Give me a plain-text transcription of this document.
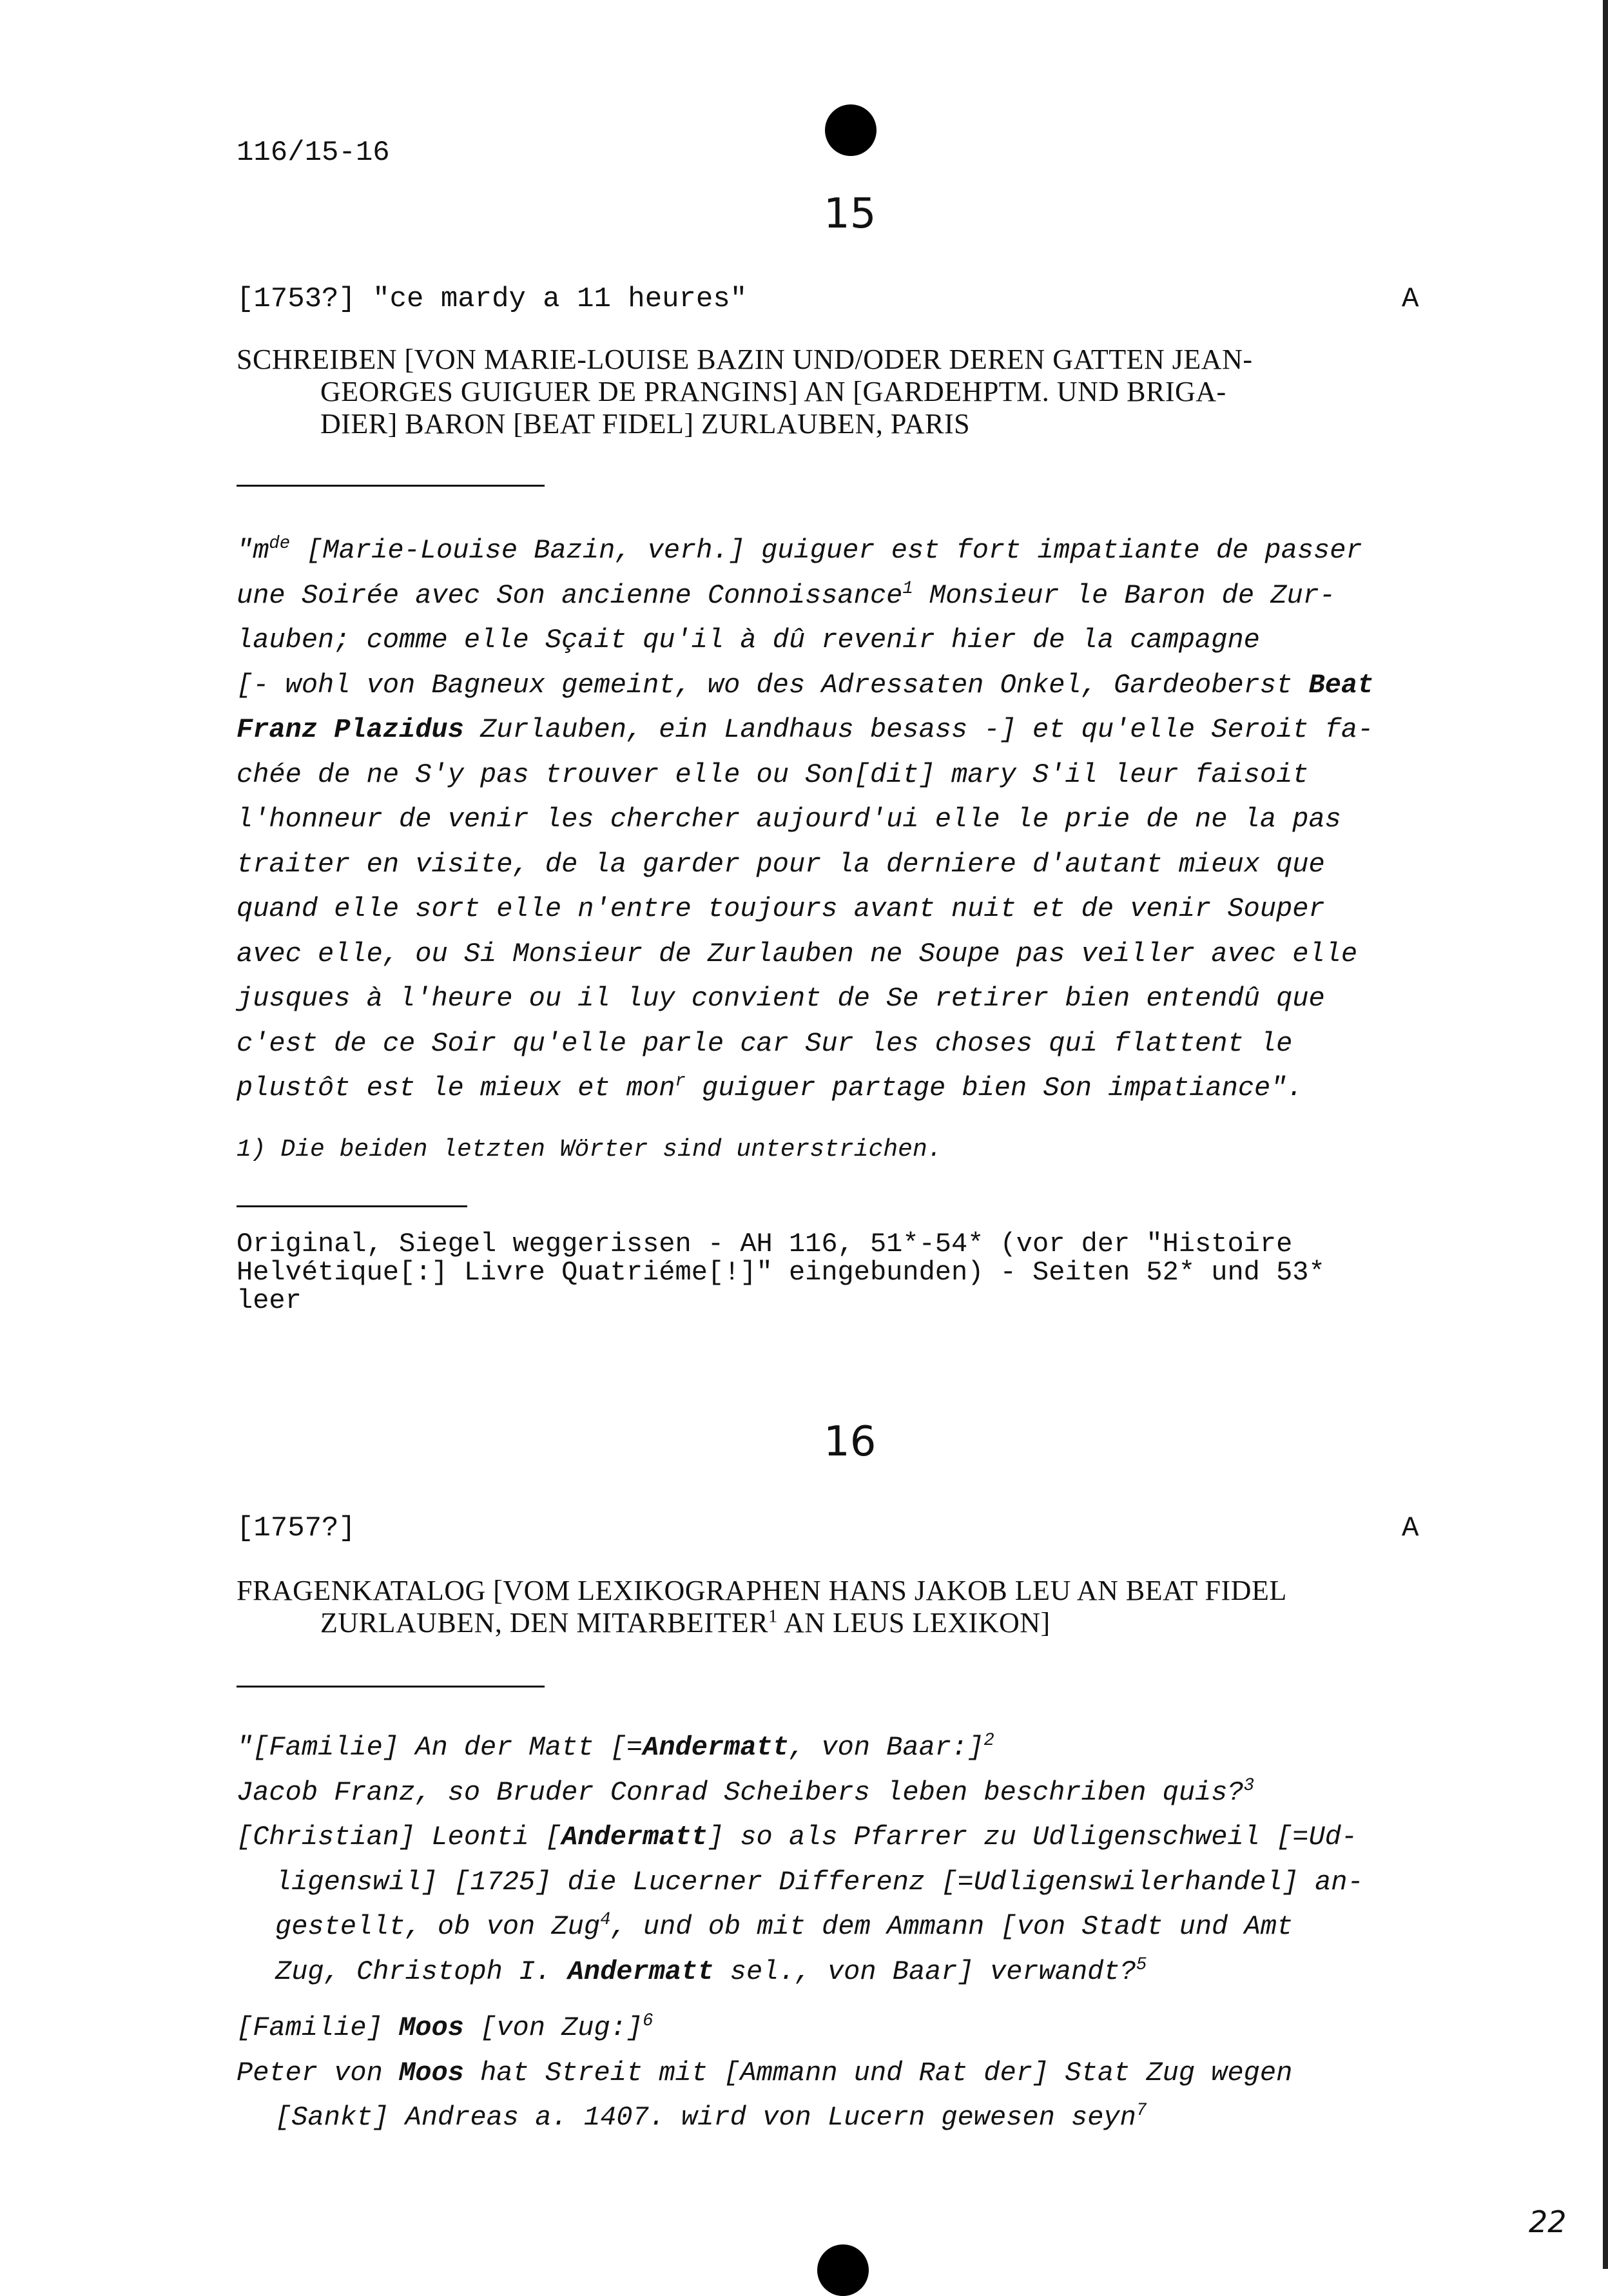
116/15-16
15
[1753?] "ce mardy a 11 heures"	A
SCHREIBEN [VON MARIE-LOUISE BAZIN UND/ODER DEREN GATTEN JEAN-
GEORGES GUIGUER DE PRANGINS] AN [GARDEHPTM. UND BRIGA-
DIER] BARON [BEAT FIDEL] ZURLAUBEN, PARIS
"$m^{de}$ [Marie-Louise Bazin, verh.] guiguer est fort impatiante de passer
une Soirée avec Son ancienne Connoissance$^1$ Monsieur le Baron de Zur-
lauben; comme elle Sçait qu'il à dû revenir hier de la campagne
[- wohl von Bagneux gemeint, wo des Adressaten Onkel, Gardeoberst Beat
Franz Plazidus Zurlauben, ein Landhaus besass -] et qu'elle Seroit fa-
chée de ne S'y pas trouver elle ou Son[dit] mary S'il leur faisoit
l'honneur de venir les chercher aujourd'ui elle le prie de ne la pas
traiter en visite, de la garder pour la derniere d'autant mieux que
quand elle sort elle n'entre toujours avant nuit et de venir Souper
avec elle, ou Si Monsieur de Zurlauben ne Soupe pas veiller avec elle
jusques à l'heure ou il luy convient de Se retirer bien entendû que
c'est de ce Soir qu'elle parle car Sur les choses qui flattent le
plustôt est le mieux et mon$^r$ guiguer partage bien Son impatiance".
1) Die beiden letzten Wörter sind unterstrichen.
Original, Siegel weggerissen - AH 116, 51*-54* (vor der "Histoire
Helvétique[:] Livre Quatriéme[!]" eingebunden) - Seiten 52* und 53*
leer
16
[1757?]	A
FRAGENKATALOG [VOM LEXIKOGRAPHEN HANS JAKOB LEU AN BEAT FIDEL
ZURLAUBEN, DEN MITARBEITER$^1$ AN LEUS LEXIKON]
"[Familie] An der Matt [=Andermatt, von Baar:]$^2$
Jacob Franz, so Bruder Conrad Scheibers leben beschriben quis?$^3$
[Christian] Leonti [Andermatt] so als Pfarrer zu Udligenschweil [=Ud-
ligenswil] [1725] die Lucerner Differenz [=Udligenswilerhandel] an-
gestellt, ob von Zug$^4$, und ob mit dem Ammann [von Stadt und Amt
Zug, Christoph I. Andermatt sel., von Baar] verwandt?$^5$
[Familie] Moos [von Zug:]$^6$
Peter von Moos hat Streit mit [Ammann und Rat der] Stat Zug wegen
[Sankt] Andreas a. 1407. wird von Lucern gewesen seyn$^7$
22
